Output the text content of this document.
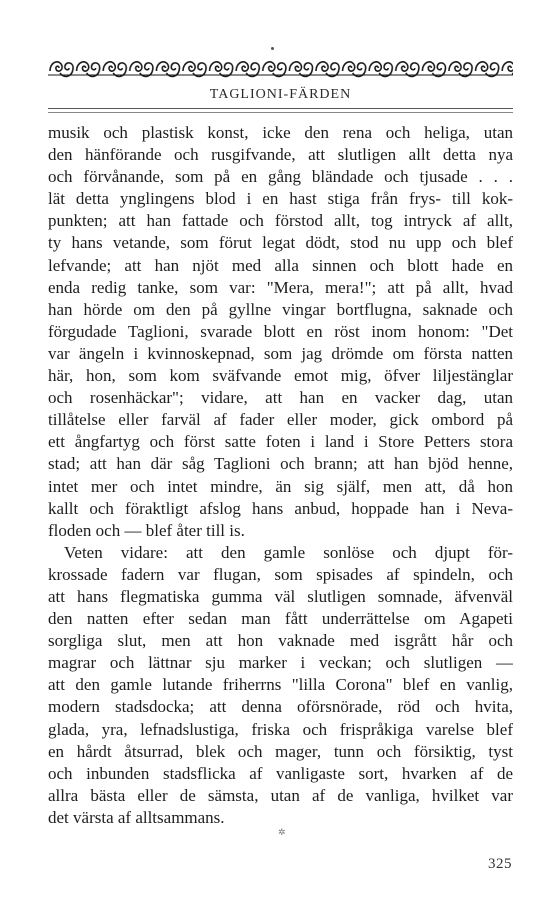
TAGLIONI-FÄRDEN
musik och plastisk konst, icke den rena och heliga, utan
den hänförande och rusgifvande, att slutligen allt detta nya
och förvånande, som på en gång bländade och tjusade . . .
lät detta ynglingens blod i en hast stiga från frys- till kok-
punkten; att han fattade och förstod allt, tog intryck af allt,
ty hans vetande, som förut legat dödt, stod nu upp och blef
lefvande; att han njöt med alla sinnen och blott hade en
enda redig tanke, som var: "Mera, mera!"; att på allt, hvad
han hörde om den på gyllne vingar bortflugna, saknade och
förgudade Taglioni, svarade blott en röst inom honom: "Det
var ängeln i kvinnoskepnad, som jag drömde om första natten
här, hon, som kom sväfvande emot mig, öfver liljestänglar
och rosenhäckar"; vidare, att han en vacker dag, utan
tillåtelse eller farväl af fader eller moder, gick ombord på
ett ångfartyg och först satte foten i land i Store Petters stora
stad; att han där såg Taglioni och brann; att han bjöd henne,
intet mer och intet mindre, än sig själf, men att, då hon
kallt och föraktligt afslog hans anbud, hoppade han i Neva-
floden och — blef åter till is.
Veten vidare: att den gamle sonlöse och djupt för-
krossade fadern var flugan, som spisades af spindeln, och
att hans flegmatiska gumma väl slutligen somnade, äfvenväl
den natten efter sedan man fått underrättelse om Agapeti
sorgliga slut, men att hon vaknade med isgrått hår och
magrar och lättnar sju marker i veckan; och slutligen —
att den gamle lutande friherrns "lilla Corona" blef en vanlig,
modern stadsdocka; att denna oförsnörade, röd och hvita,
glada, yra, lefnadslustiga, friska och frispråkiga varelse blef
en hårdt åtsurrad, blek och mager, tunn och försiktig, tyst
och inbunden stadsflicka af vanligaste sort, hvarken af de
allra bästa eller de sämsta, utan af de vanliga, hvilket var
det värsta af alltsammans.
✲
325
